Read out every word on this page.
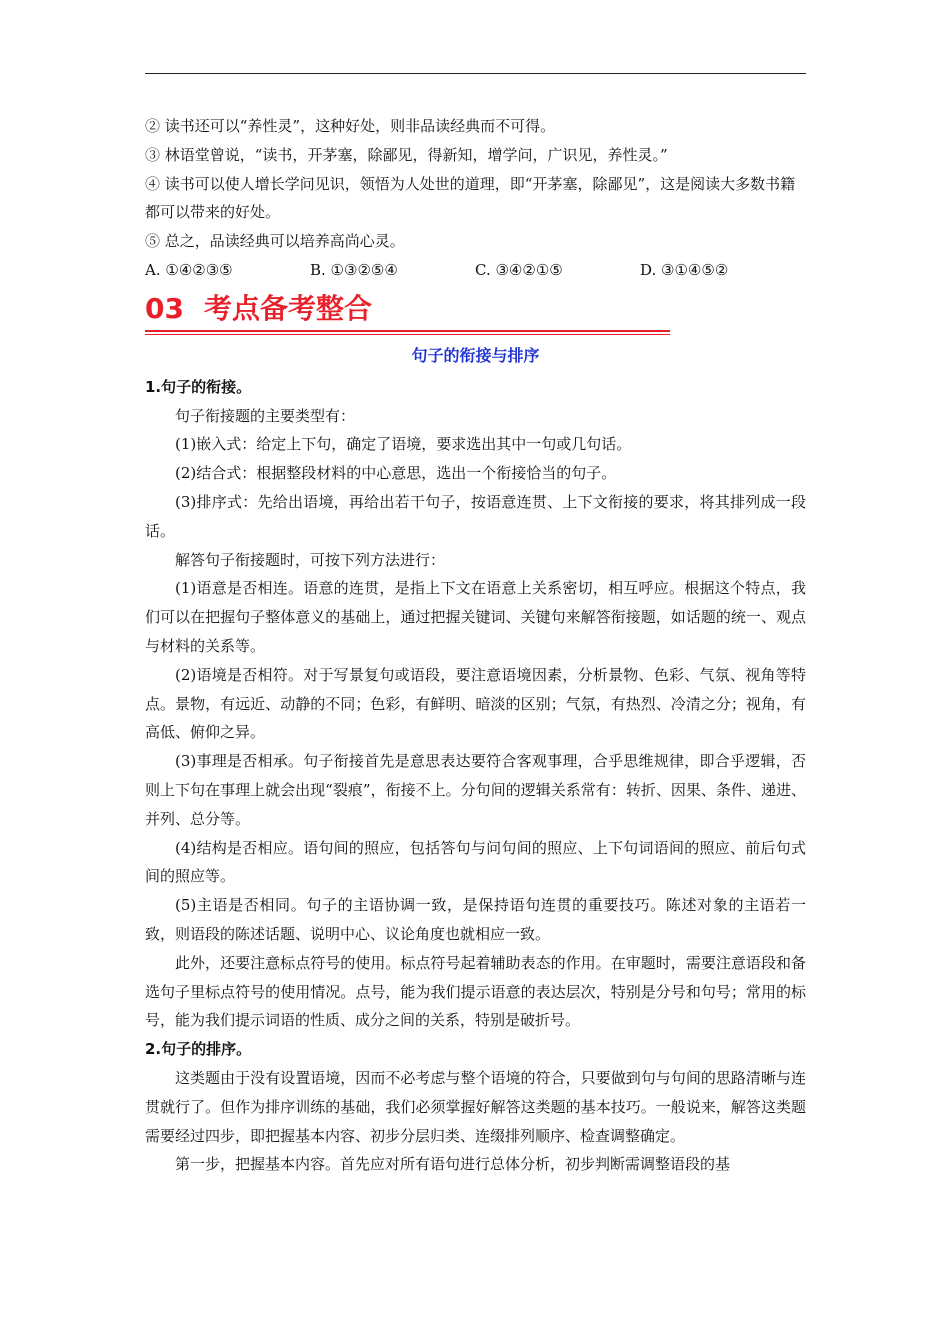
② 读书还可以“养性灵”，这种好处，则非品读经典而不可得。

③ 林语堂曾说，“读书，开茅塞，除鄙见，得新知，增学问，广识见，养性灵。”

④ 读书可以使人增长学问见识，领悟为人处世的道理，即“开茅塞，除鄙见”，这是阅读大多数书籍都可以带来的好处。

⑤ 总之，品读经典可以培养高尚心灵。

A. ①④②③⑤	B. ①③②⑤④	C. ③④②①⑤	D. ③①④⑤②
03 考点备考整合
句子的衔接与排序

1.句子的衔接。

句子衔接题的主要类型有：

(1)嵌入式：给定上下句，确定了语境，要求选出其中一句或几句话。

(2)结合式：根据整段材料的中心意思，选出一个衔接恰当的句子。

(3)排序式：先给出语境，再给出若干句子，按语意连贯、上下文衔接的要求，将其排列成一段话。

解答句子衔接题时，可按下列方法进行：

(1)语意是否相连。语意的连贯，是指上下文在语意上关系密切，相互呼应。根据这个特点，我们可以在把握句子整体意义的基础上，通过把握关键词、关键句来解答衔接题，如话题的统一、观点与材料的关系等。

(2)语境是否相符。对于写景复句或语段，要注意语境因素，分析景物、色彩、气氛、视角等特点。景物，有远近、动静的不同；色彩，有鲜明、暗淡的区别；气氛，有热烈、冷清之分；视角，有高低、俯仰之异。

(3)事理是否相承。句子衔接首先是意思表达要符合客观事理，合乎思维规律，即合乎逻辑，否则上下句在事理上就会出现“裂痕”，衔接不上。分句间的逻辑关系常有：转折、因果、条件、递进、并列、总分等。

(4)结构是否相应。语句间的照应，包括答句与问句间的照应、上下句词语间的照应、前后句式间的照应等。

(5)主语是否相同。句子的主语协调一致，是保持语句连贯的重要技巧。陈述对象的主语若一致，则语段的陈述话题、说明中心、议论角度也就相应一致。

此外，还要注意标点符号的使用。标点符号起着辅助表态的作用。在审题时，需要注意语段和备选句子里标点符号的使用情况。点号，能为我们提示语意的表达层次，特别是分号和句号；常用的标号，能为我们提示词语的性质、成分之间的关系，特别是破折号。

2.句子的排序。

这类题由于没有设置语境，因而不必考虑与整个语境的符合，只要做到句与句间的思路清晰与连贯就行了。但作为排序训练的基础，我们必须掌握好解答这类题的基本技巧。一般说来，解答这类题需要经过四步，即把握基本内容、初步分层归类、连缀排列顺序、检查调整确定。

第一步，把握基本内容。首先应对所有语句进行总体分析，初步判断需调整语段的基
